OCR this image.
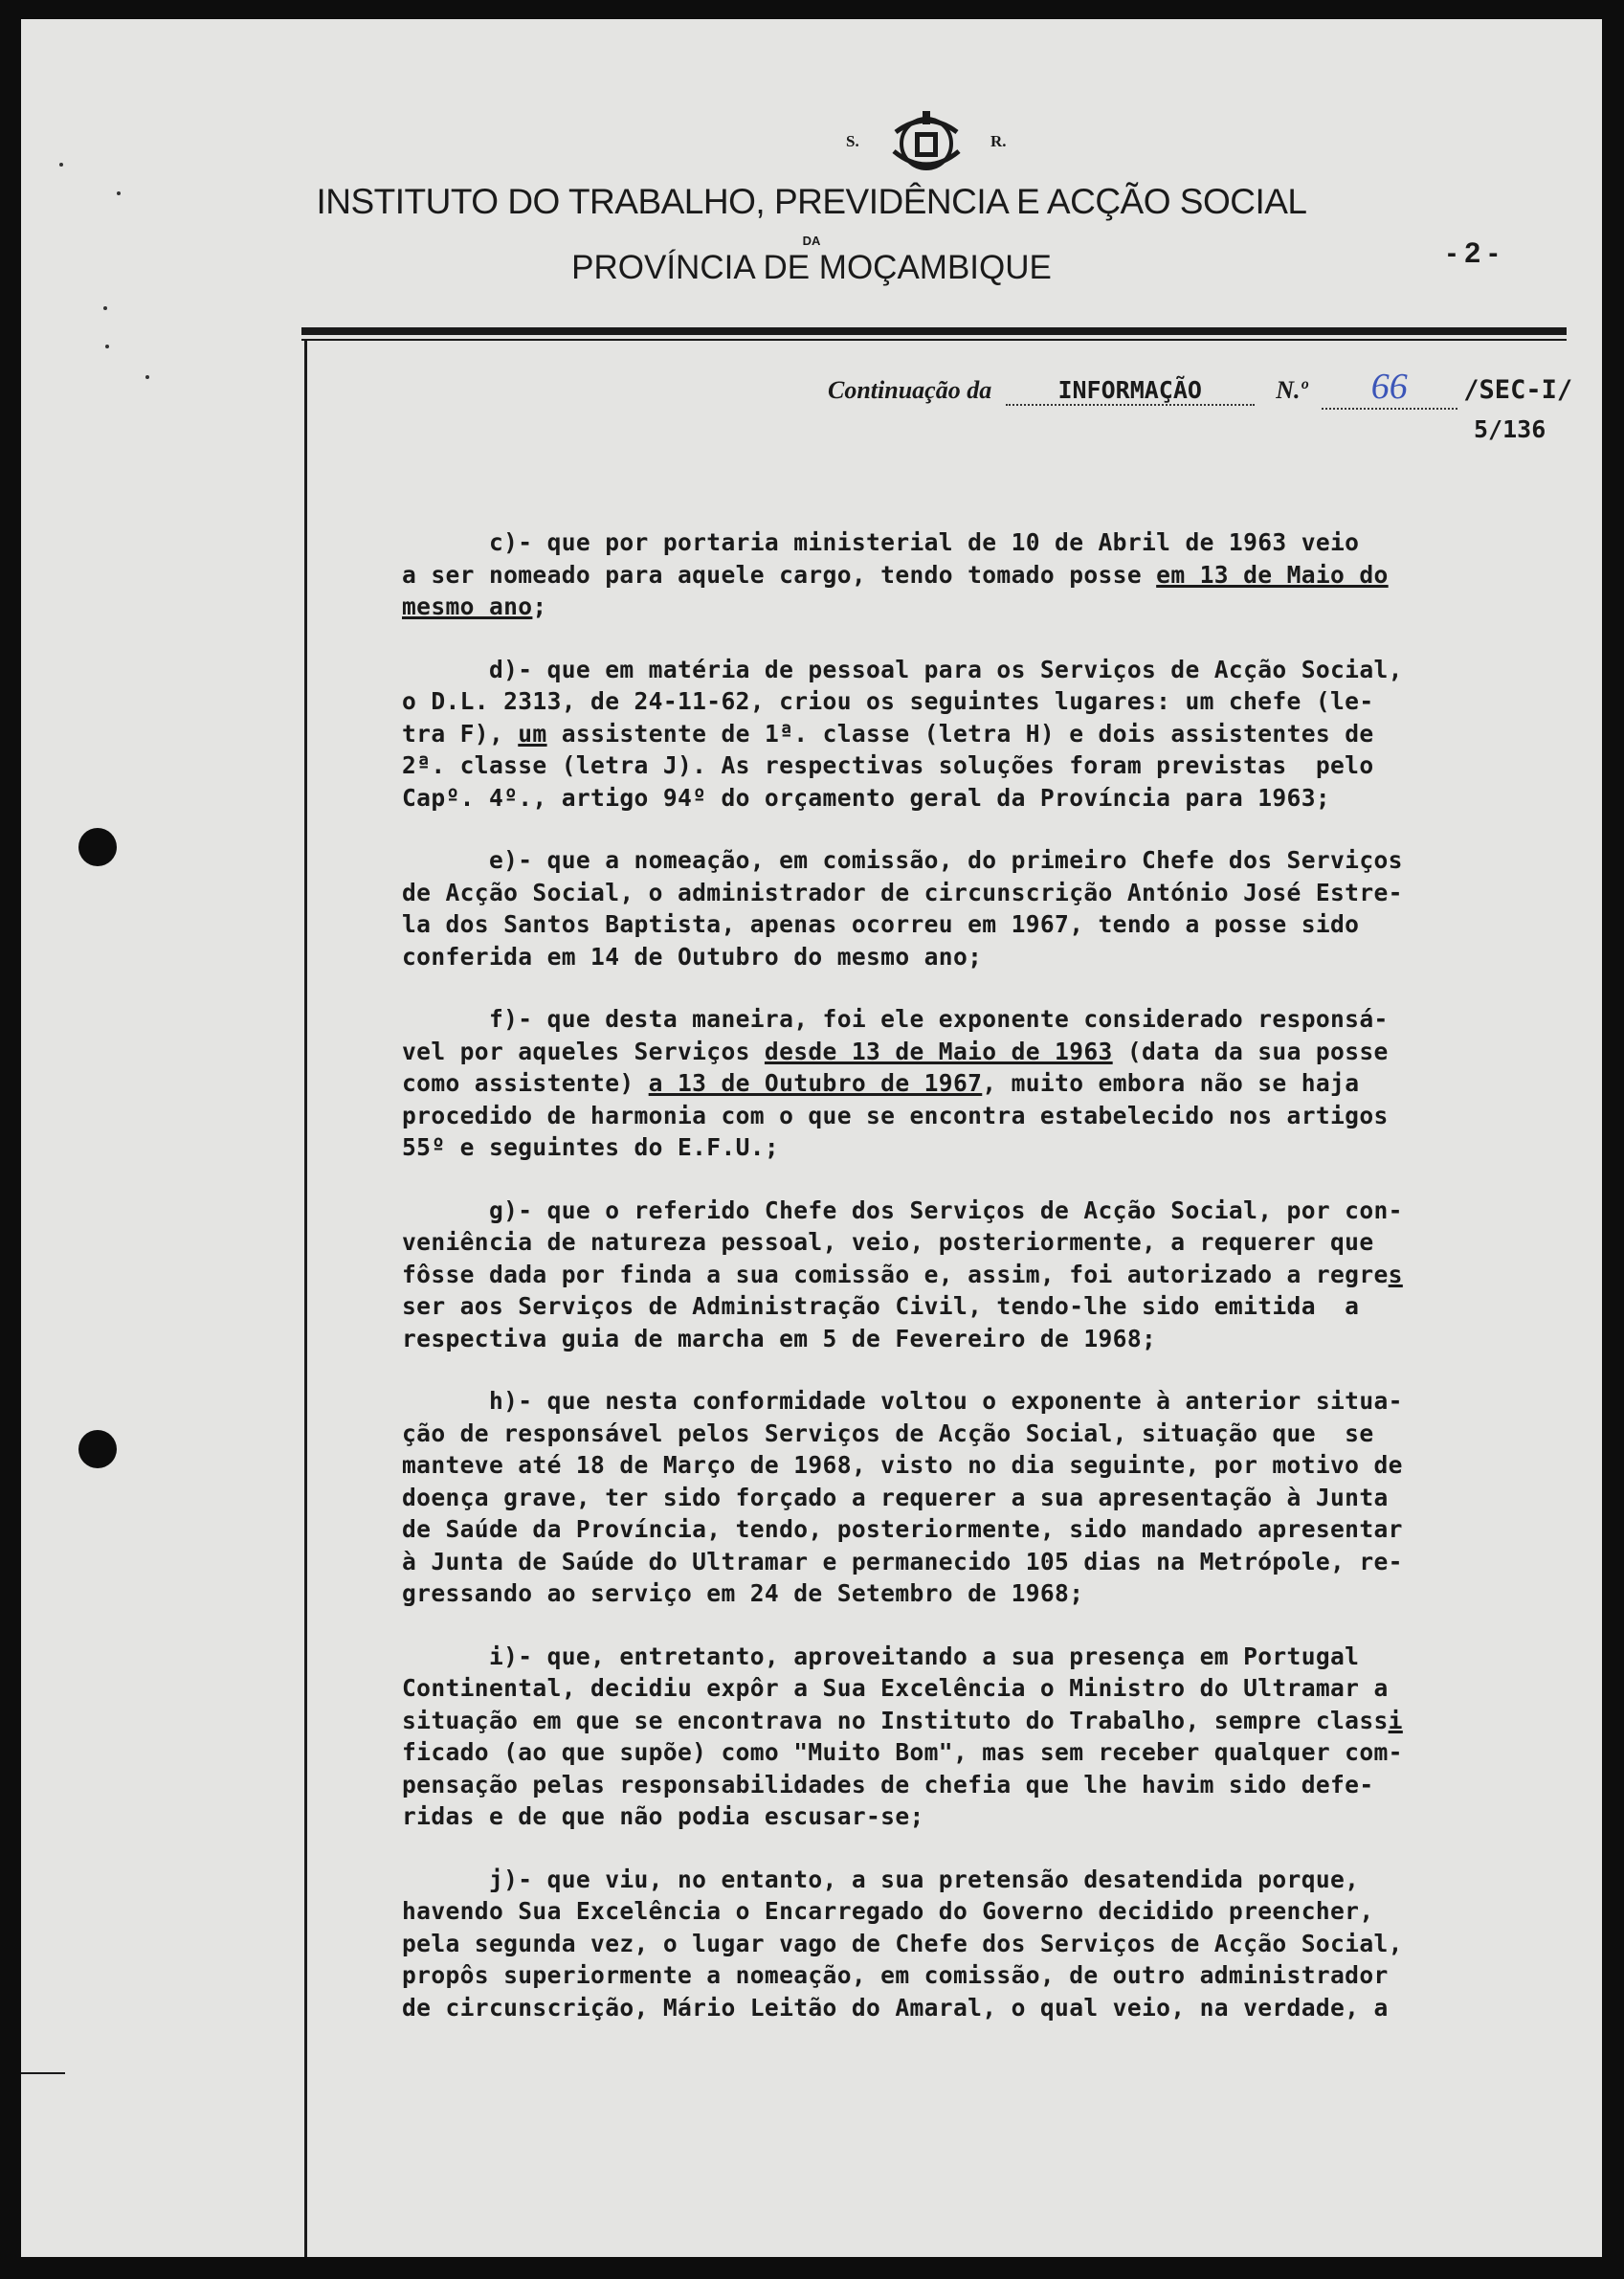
S.	R.
INSTITUTO DO TRABALHO, PREVIDÊNCIA E ACÇÃO SOCIAL
DA
PROVÍNCIA DE MOÇAMBIQUE	- 2 -
Continuação da	INFORMAÇÃO	N.º 66 /SEC-I/
5/136

c)- que por portaria ministerial de 10 de Abril de 1963 veio
a ser nomeado para aquele cargo, tendo tomado posse em 13 de Maio do
mesmo ano;

d)- que em matéria de pessoal para os Serviços de Acção Social,
o D.L. 2313, de 24-11-62, criou os seguintes lugares: um chefe (le-
tra F), um assistente de 1ª. classe (letra H) e dois assistentes de
2ª. classe (letra J). As respectivas soluções foram previstas  pelo
Capº. 4º., artigo 94º do orçamento geral da Província para 1963;

e)- que a nomeação, em comissão, do primeiro Chefe dos Serviços
de Acção Social, o administrador de circunscrição António José Estre-
la dos Santos Baptista, apenas ocorreu em 1967, tendo a posse sido
conferida em 14 de Outubro do mesmo ano;

f)- que desta maneira, foi ele exponente considerado responsá-
vel por aqueles Serviços desde 13 de Maio de 1963 (data da sua posse
como assistente) a 13 de Outubro de 1967, muito embora não se haja
procedido de harmonia com o que se encontra estabelecido nos artigos
55º e seguintes do E.F.U.;

g)- que o referido Chefe dos Serviços de Acção Social, por con-
veniência de natureza pessoal, veio, posteriormente, a requerer que
fôsse dada por finda a sua comissão e, assim, foi autorizado a regres
ser aos Serviços de Administração Civil, tendo-lhe sido emitida  a
respectiva guia de marcha em 5 de Fevereiro de 1968;

h)- que nesta conformidade voltou o exponente à anterior situa-
ção de responsável pelos Serviços de Acção Social, situação que  se
manteve até 18 de Março de 1968, visto no dia seguinte, por motivo de
doença grave, ter sido forçado a requerer a sua apresentação à Junta
de Saúde da Província, tendo, posteriormente, sido mandado apresentar
à Junta de Saúde do Ultramar e permanecido 105 dias na Metrópole, re-
gressando ao serviço em 24 de Setembro de 1968;

i)- que, entretanto, aproveitando a sua presença em Portugal
Continental, decidiu expôr a Sua Excelência o Ministro do Ultramar a
situação em que se encontrava no Instituto do Trabalho, sempre classi
ficado (ao que supõe) como "Muito Bom", mas sem receber qualquer com-
pensação pelas responsabilidades de chefia que lhe havim sido defe-
ridas e de que não podia escusar-se;

j)- que viu, no entanto, a sua pretensão desatendida porque,
havendo Sua Excelência o Encarregado do Governo decidido preencher,
pela segunda vez, o lugar vago de Chefe dos Serviços de Acção Social,
propôs superiormente a nomeação, em comissão, de outro administrador
de circunscrição, Mário Leitão do Amaral, o qual veio, na verdade, a
